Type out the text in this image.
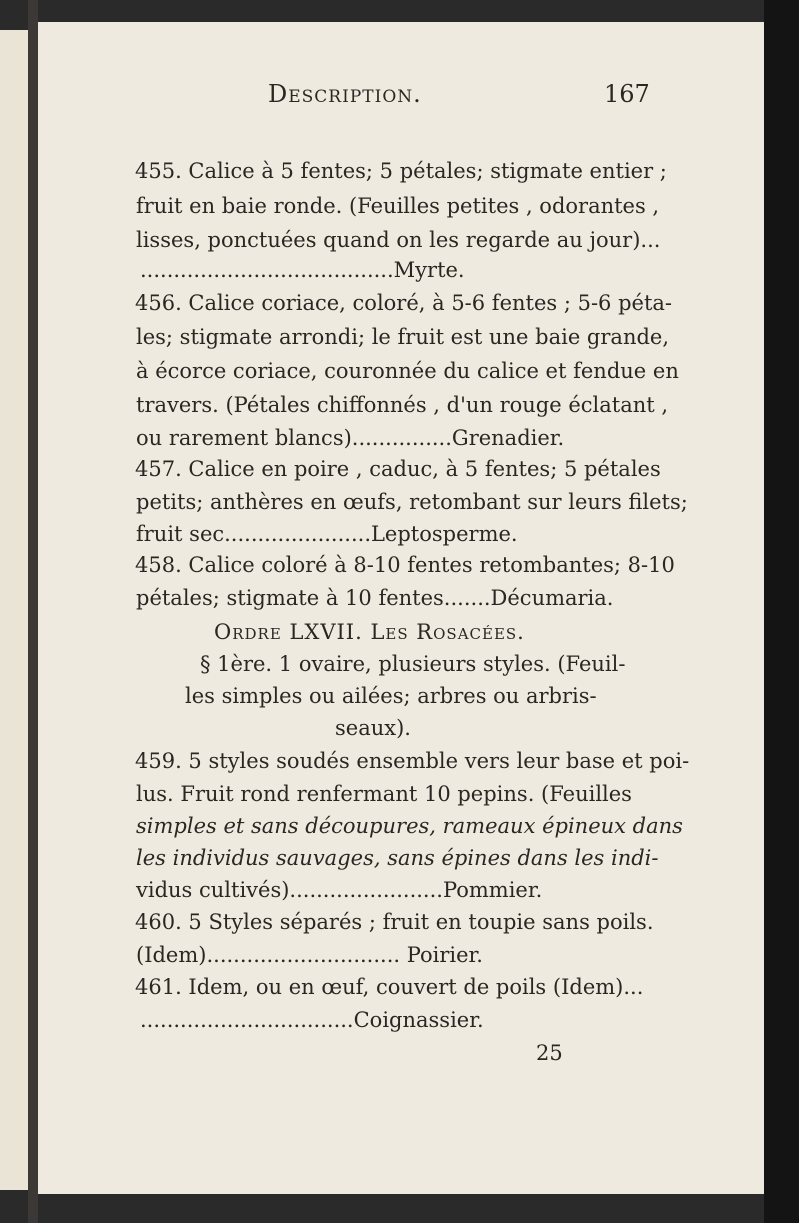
Description.	167
455. Calice à 5 fentes; 5 pétales; stigmate entier ;
fruit en baie ronde. (Feuilles petites , odorantes ,
lisses, ponctuées quand on les regarde au jour)...
......................................Myrte.
456. Calice coriace, coloré, à 5-6 fentes ; 5-6 péta-
les; stigmate arrondi; le fruit est une baie grande,
à écorce coriace, couronnée du calice et fendue en
travers. (Pétales chiffonnés , d'un rouge éclatant ,
ou rarement blancs)...............Grenadier.
457. Calice en poire , caduc, à 5 fentes; 5 pétales
petits; anthères en œufs, retombant sur leurs filets;
fruit sec......................Leptosperme.
458. Calice coloré à 8-10 fentes retombantes; 8-10
pétales; stigmate à 10 fentes.......Décumaria.
Ordre LXVII. Les Rosacées.
§ 1ère. 1 ovaire, plusieurs styles. (Feuil-
les simples ou ailées; arbres ou arbris-
seaux).
459. 5 styles soudés ensemble vers leur base et poi-
lus. Fruit rond renfermant 10 pepins. (Feuilles
simples et sans découpures, rameaux épineux dans
les individus sauvages, sans épines dans les indi-
vidus cultivés).......................Pommier.
460. 5 Styles séparés ; fruit en toupie sans poils.
(Idem)............................. Poirier.
461. Idem, ou en œuf, couvert de poils (Idem)...
................................Coignassier.
25
